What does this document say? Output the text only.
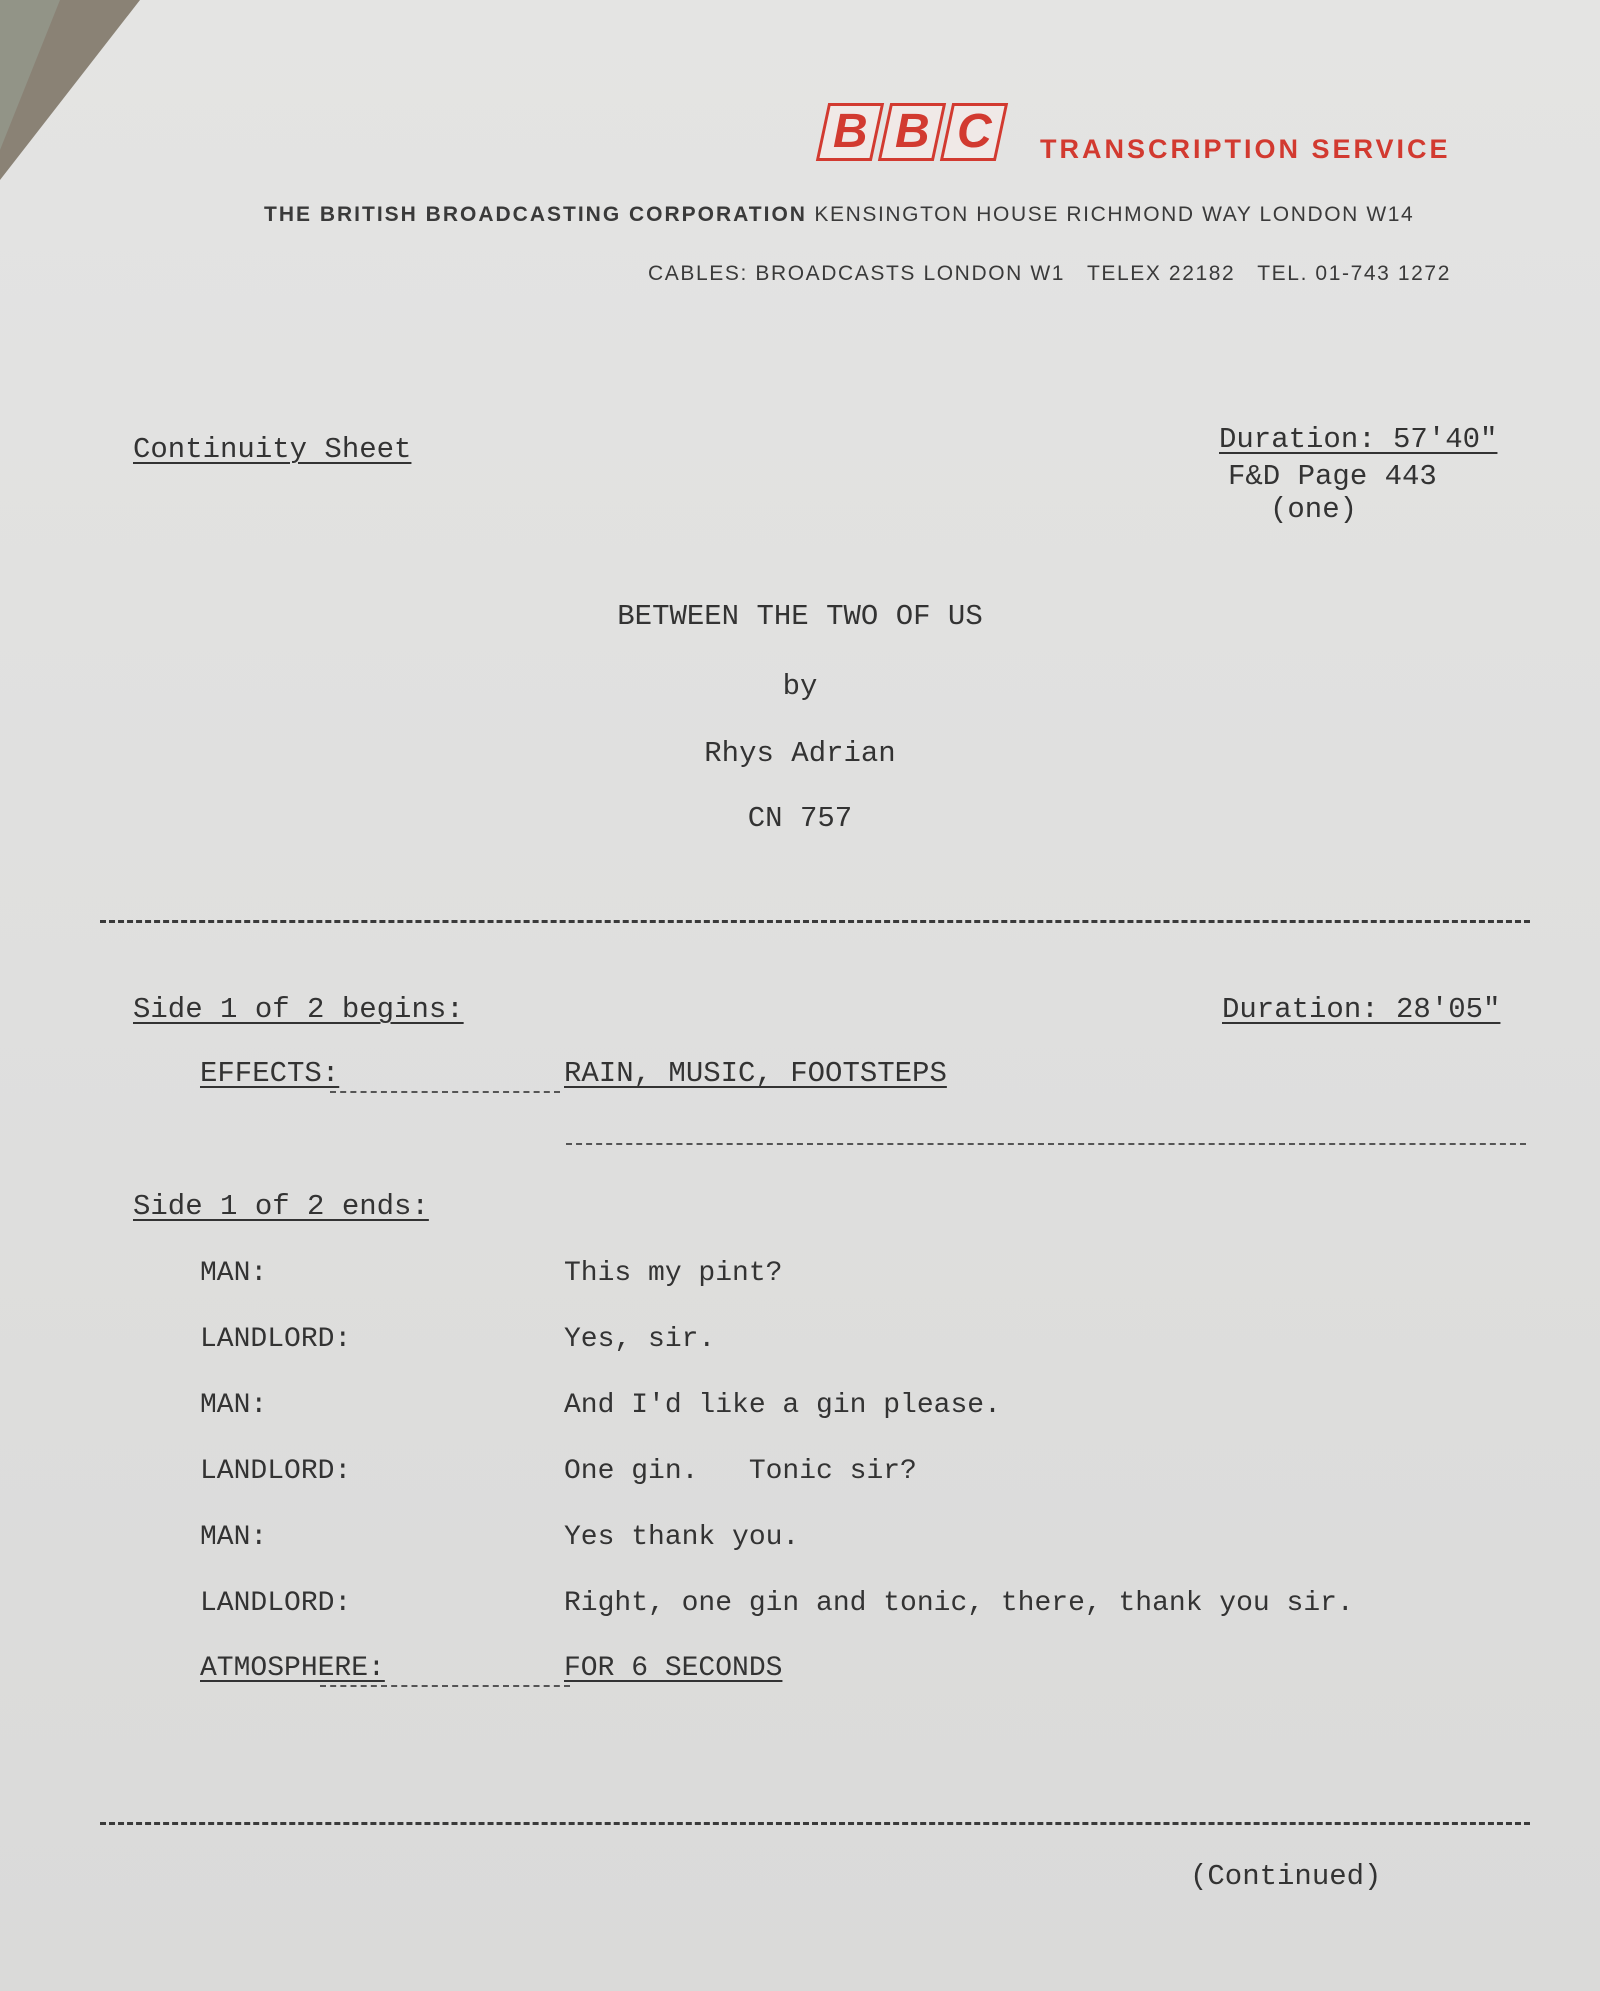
B B C TRANSCRIPTION SERVICE
THE BRITISH BROADCASTING CORPORATION KENSINGTON HOUSE RICHMOND WAY LONDON W14
CABLES: BROADCASTS LONDON W1   TELEX 22182   TEL. 01-743 1272
Continuity Sheet	Duration: 57'40"
F&D Page 443
(one)
BETWEEN THE TWO OF US
by
Rhys Adrian
CN 757
Side 1 of 2 begins:	Duration: 28'05"
EFFECTS:	RAIN, MUSIC, FOOTSTEPS
Side 1 of 2 ends:
MAN:	This my pint?
LANDLORD:	Yes, sir.
MAN:	And I'd like a gin please.
LANDLORD:	One gin.   Tonic sir?
MAN:	Yes thank you.
LANDLORD:	Right, one gin and tonic, there, thank you sir.
ATMOSPHERE:	FOR 6 SECONDS
(Continued)
